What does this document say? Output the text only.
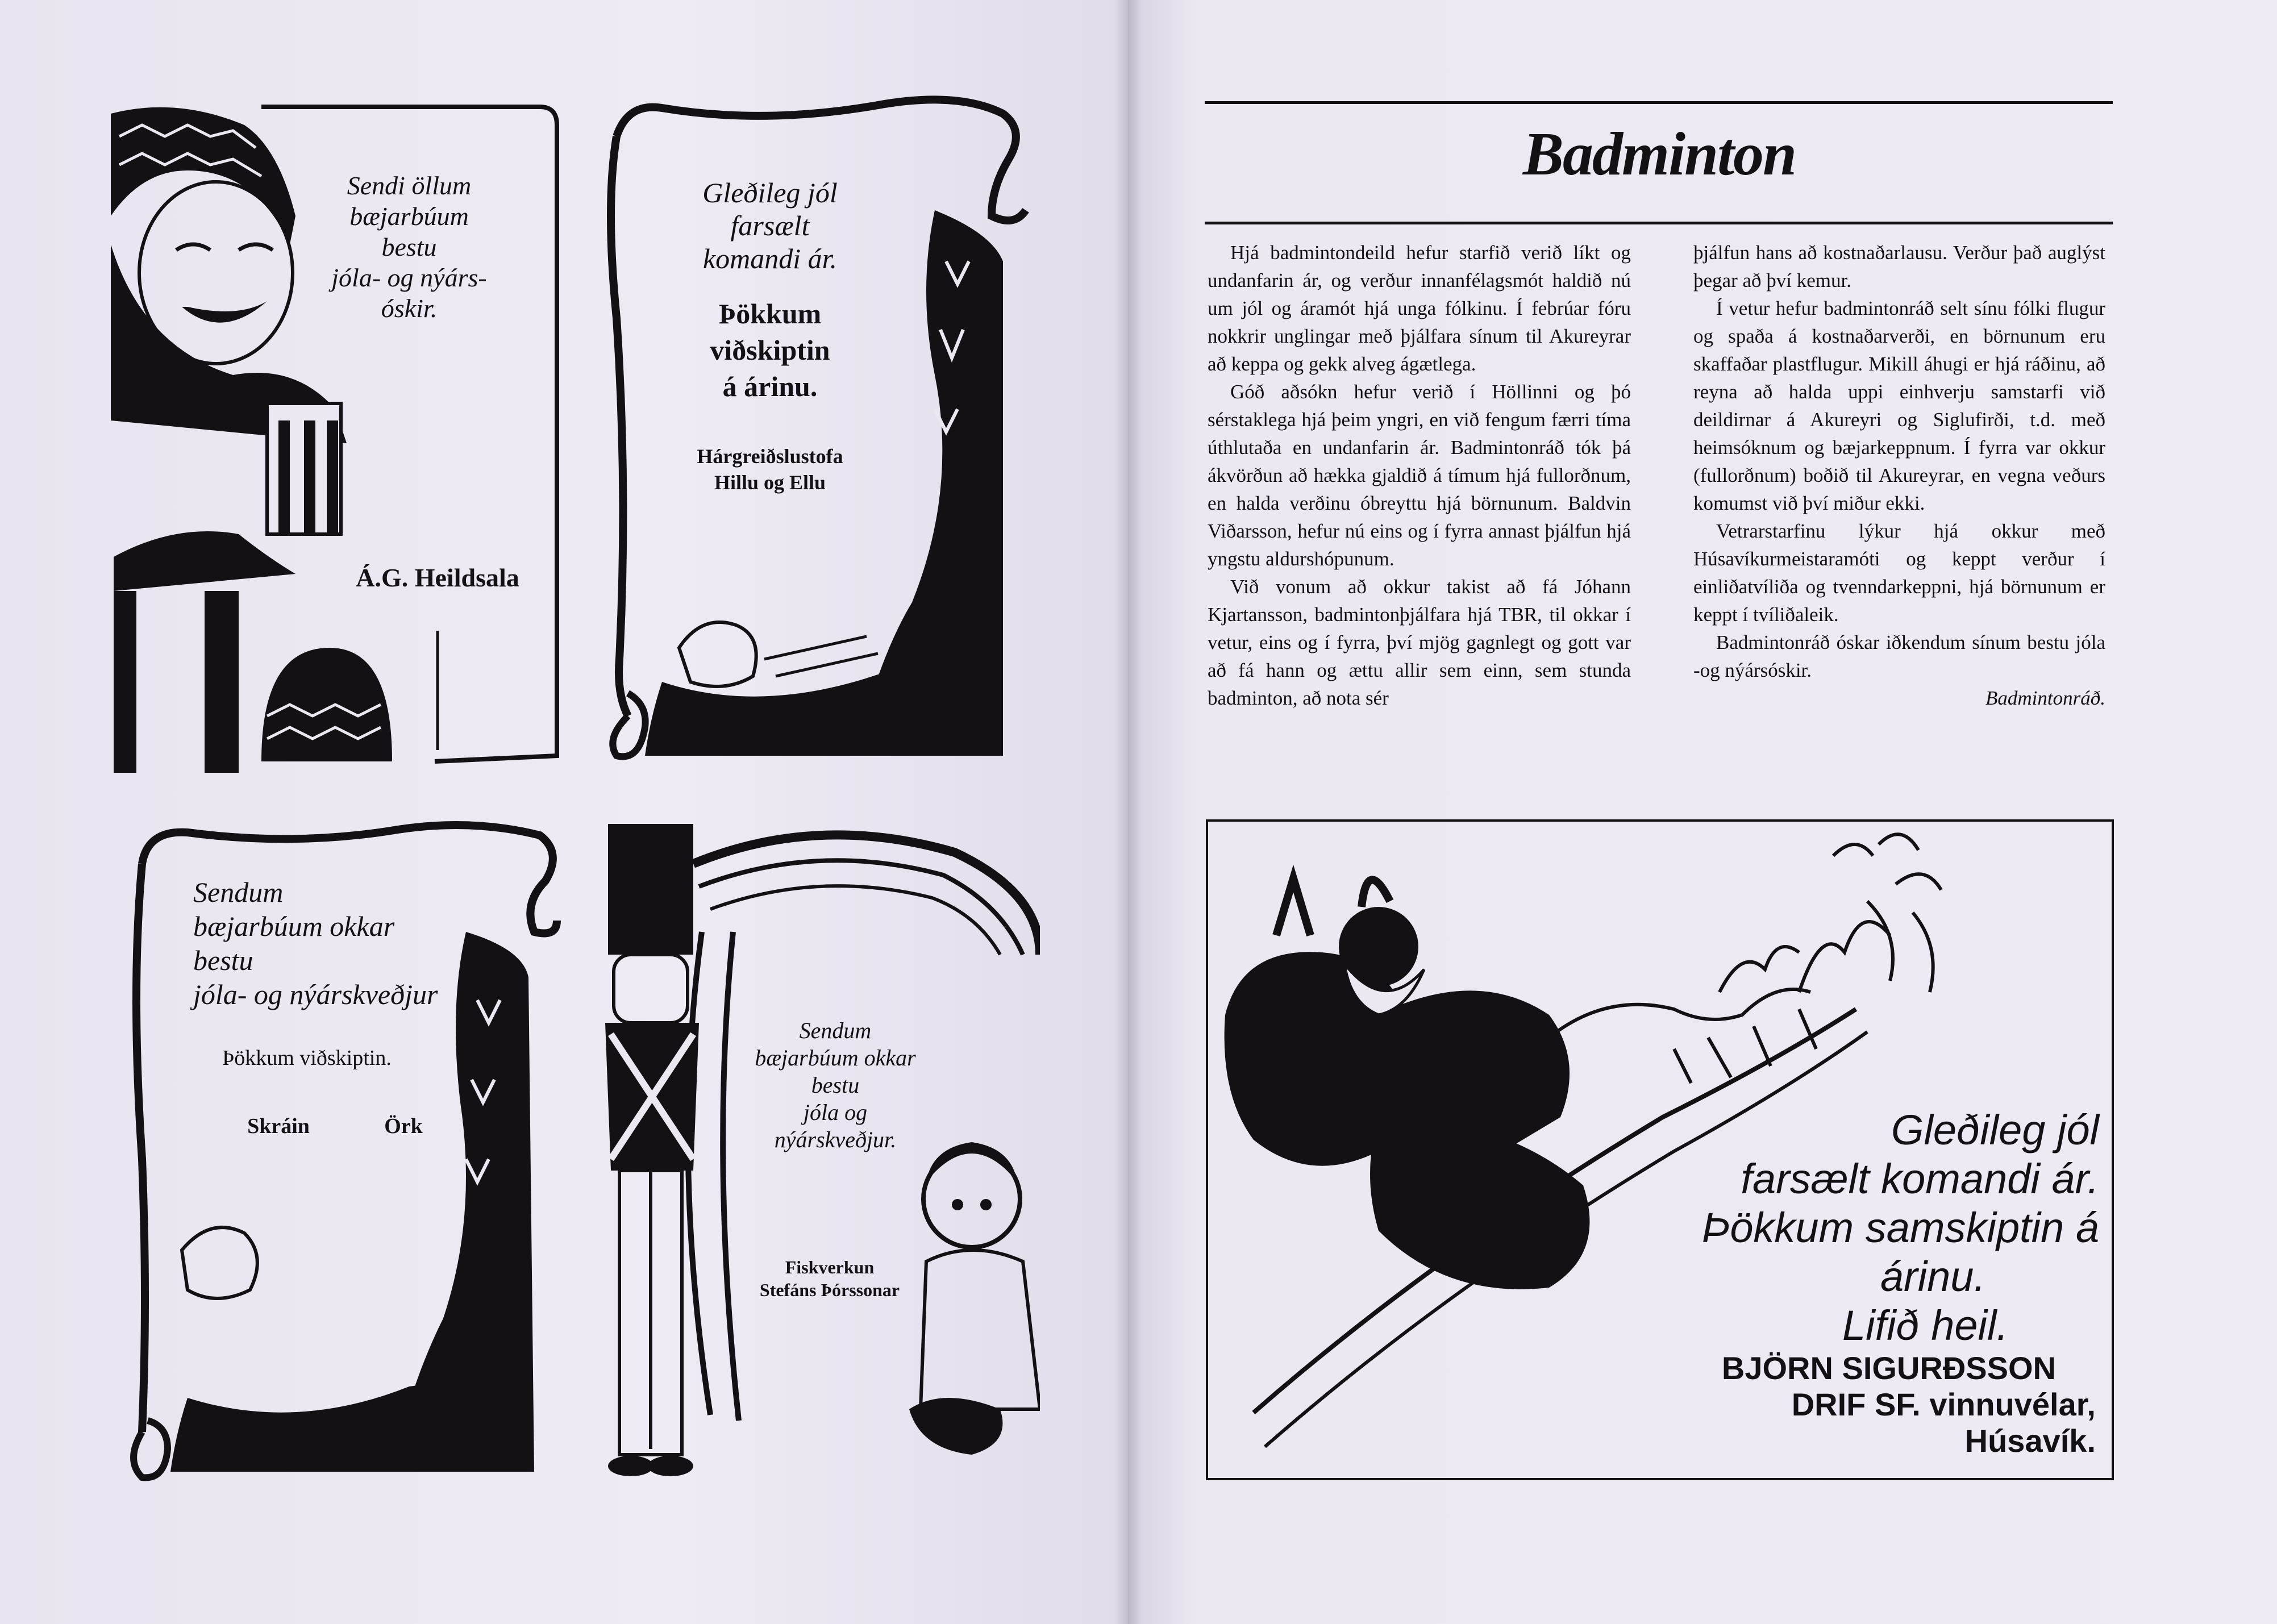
Sendi öllum
bæjarbúum
bestu
jóla- og nýárs-
óskir.
Á.G. Heildsala
Gleðileg jól
farsælt
komandi ár.
Þökkum
viðskiptin
á árinu.
Hárgreiðslustofa
Hillu og Ellu
Sendum
bæjarbúum okkar
bestu
jóla- og nýárskveðjur
Þökkum viðskiptin.
Skráin	Örk
Sendum
bæjarbúum okkar
bestu
jóla og
nýárskveðjur.
Fiskverkun
Stefáns Þórssonar
Badminton

Hjá badmintondeild hefur starfið verið líkt og undanfarin ár, og verður innanfélagsmót haldið nú um jól og áramót hjá unga fólkinu. Í febrúar fóru nokkrir unglingar með þjálfara sínum til Akureyrar að keppa og gekk alveg ágætlega.

Góð aðsókn hefur verið í Höllinni og þó sérstaklega hjá þeim yngri, en við fengum færri tíma úthlutaða en undanfarin ár. Badmintonráð tók þá ákvörðun að hækka gjaldið á tímum hjá fullorðnum, en halda verðinu óbreyttu hjá börnunum. Baldvin Viðarsson, hefur nú eins og í fyrra annast þjálfun hjá yngstu aldurshópunum.

Við vonum að okkur takist að fá Jóhann Kjartansson, badmintonþjálfara hjá TBR, til okkar í vetur, eins og í fyrra, því mjög gagnlegt og gott var að fá hann og ættu allir sem einn, sem stunda badminton, að nota sér

þjálfun hans að kostnaðarlausu. Verður það auglýst þegar að því kemur.

Í vetur hefur badmintonráð selt sínu fólki flugur og spaða á kostnaðarverði, en börnunum eru skaffaðar plastflugur. Mikill áhugi er hjá ráðinu, að reyna að halda uppi einhverju samstarfi við deildirnar á Akureyri og Siglufirði, t.d. með heimsóknum og bæjarkeppnum. Í fyrra var okkur (fullorðnum) boðið til Akureyrar, en vegna veðurs komumst við því miður ekki.

Vetrarstarfinu lýkur hjá okkur með Húsavíkurmeistaramóti og keppt verður í einliðatvíliða og tvenndarkeppni, hjá börnunum er keppt í tvíliðaleik.

Badmintonráð óskar iðkendum sínum bestu jóla -og nýársóskir.

Badmintonráð.

Gleðileg jól
farsælt komandi ár.
Þökkum samskiptin á
árinu.
Lifið heil.
BJÖRN SIGURÐSSON
DRIF SF. vinnuvélar,
Húsavík.
